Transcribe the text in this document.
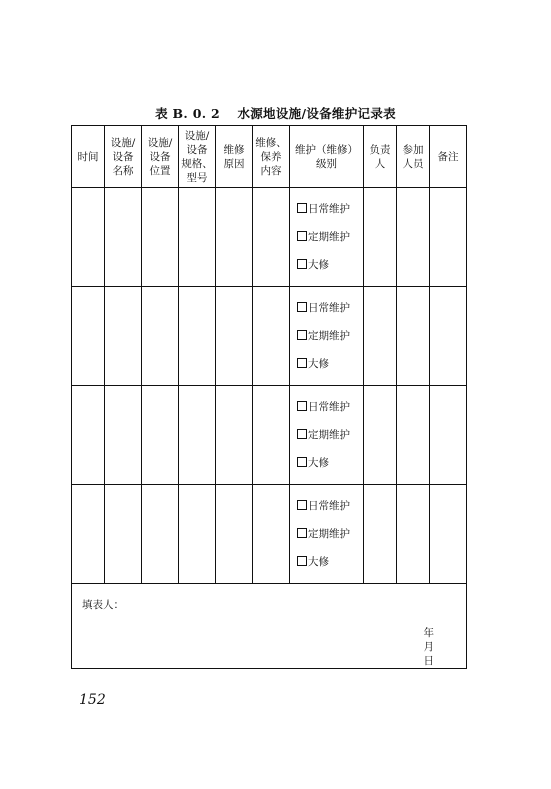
表 B. 0. 2　 水源地设施/设备维护记录表
时间	设施/
设备
名称	设施/
设备
位置	设施/
设备
规格、
型号	维修
原因	维修、
保养
内容	维护（维修）
级别	负责
人	参加
人员	备注

						日常维护

定期维护

大修			

						日常维护

定期维护

大修			

						日常维护

定期维护

大修			

						日常维护

定期维护

大修			

填表人：

年
月
日									

152
